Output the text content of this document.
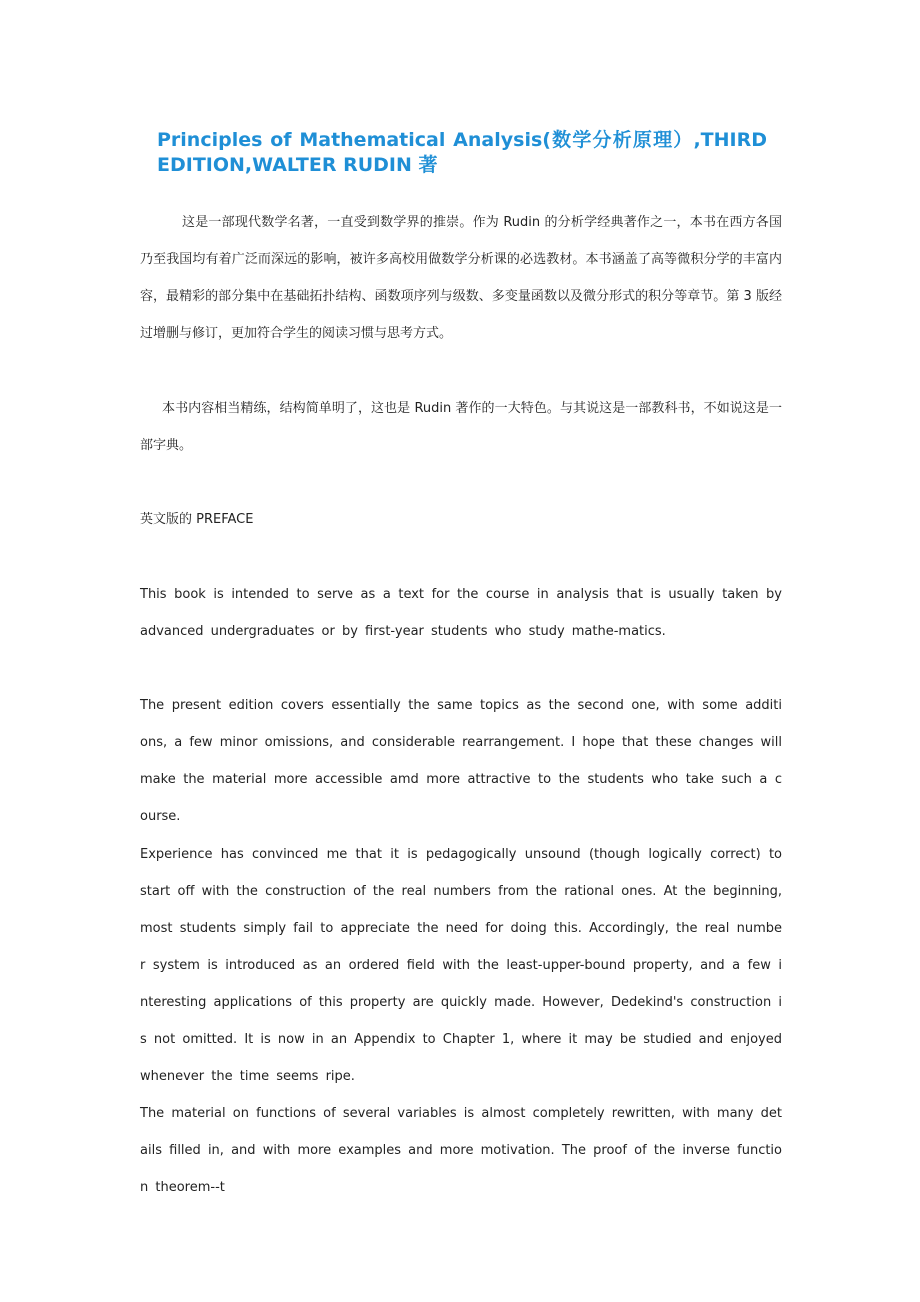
Principles of Mathematical Analysis(数学分析原理）,THIRD
EDITION,WALTER RUDIN 著

这是一部现代数学名著，一直受到数学界的推崇。作为 Rudin 的分析学经典著作之一，本书在西方各国乃至我国均有着广泛而深远的影响，被许多高校用做数学分析课的必选教材。本书涵盖了高等微积分学的丰富内容，最精彩的部分集中在基础拓扑结构、函数项序列与级数、多变量函数以及微分形式的积分等章节。第 3 版经过增删与修订，更加符合学生的阅读习惯与思考方式。

本书内容相当精练，结构简单明了，这也是 Rudin 著作的一大特色。与其说这是一部教科书，不如说这是一部字典。

英文版的 PREFACE

This book is intended to serve as a text for the course in analysis that is usually taken by advanced undergraduates or by first-year students who study mathe-matics.

The present edition covers essentially the same topics as the second one, with some additions, a few minor omissions, and considerable rearrangement. I hope that these changes will make the material more accessible amd more attractive to the students who take such a course.

Experience has convinced me that it is pedagogically unsound (though logically correct) to start off with the construction of the real numbers from the rational ones. At the beginning, most students simply fail to appreciate the need for doing this. Accordingly, the real number system is introduced as an ordered field with the least-upper-bound property, and a few interesting applications of this property are quickly made. However, Dedekind's construction is not omitted. It is now in an Appendix to Chapter 1, where it may be studied and enjoyed whenever the time seems ripe.

The material on functions of several variables is almost completely rewritten, with many details filled in, and with more examples and more motivation. The proof of the inverse function theorem--t
